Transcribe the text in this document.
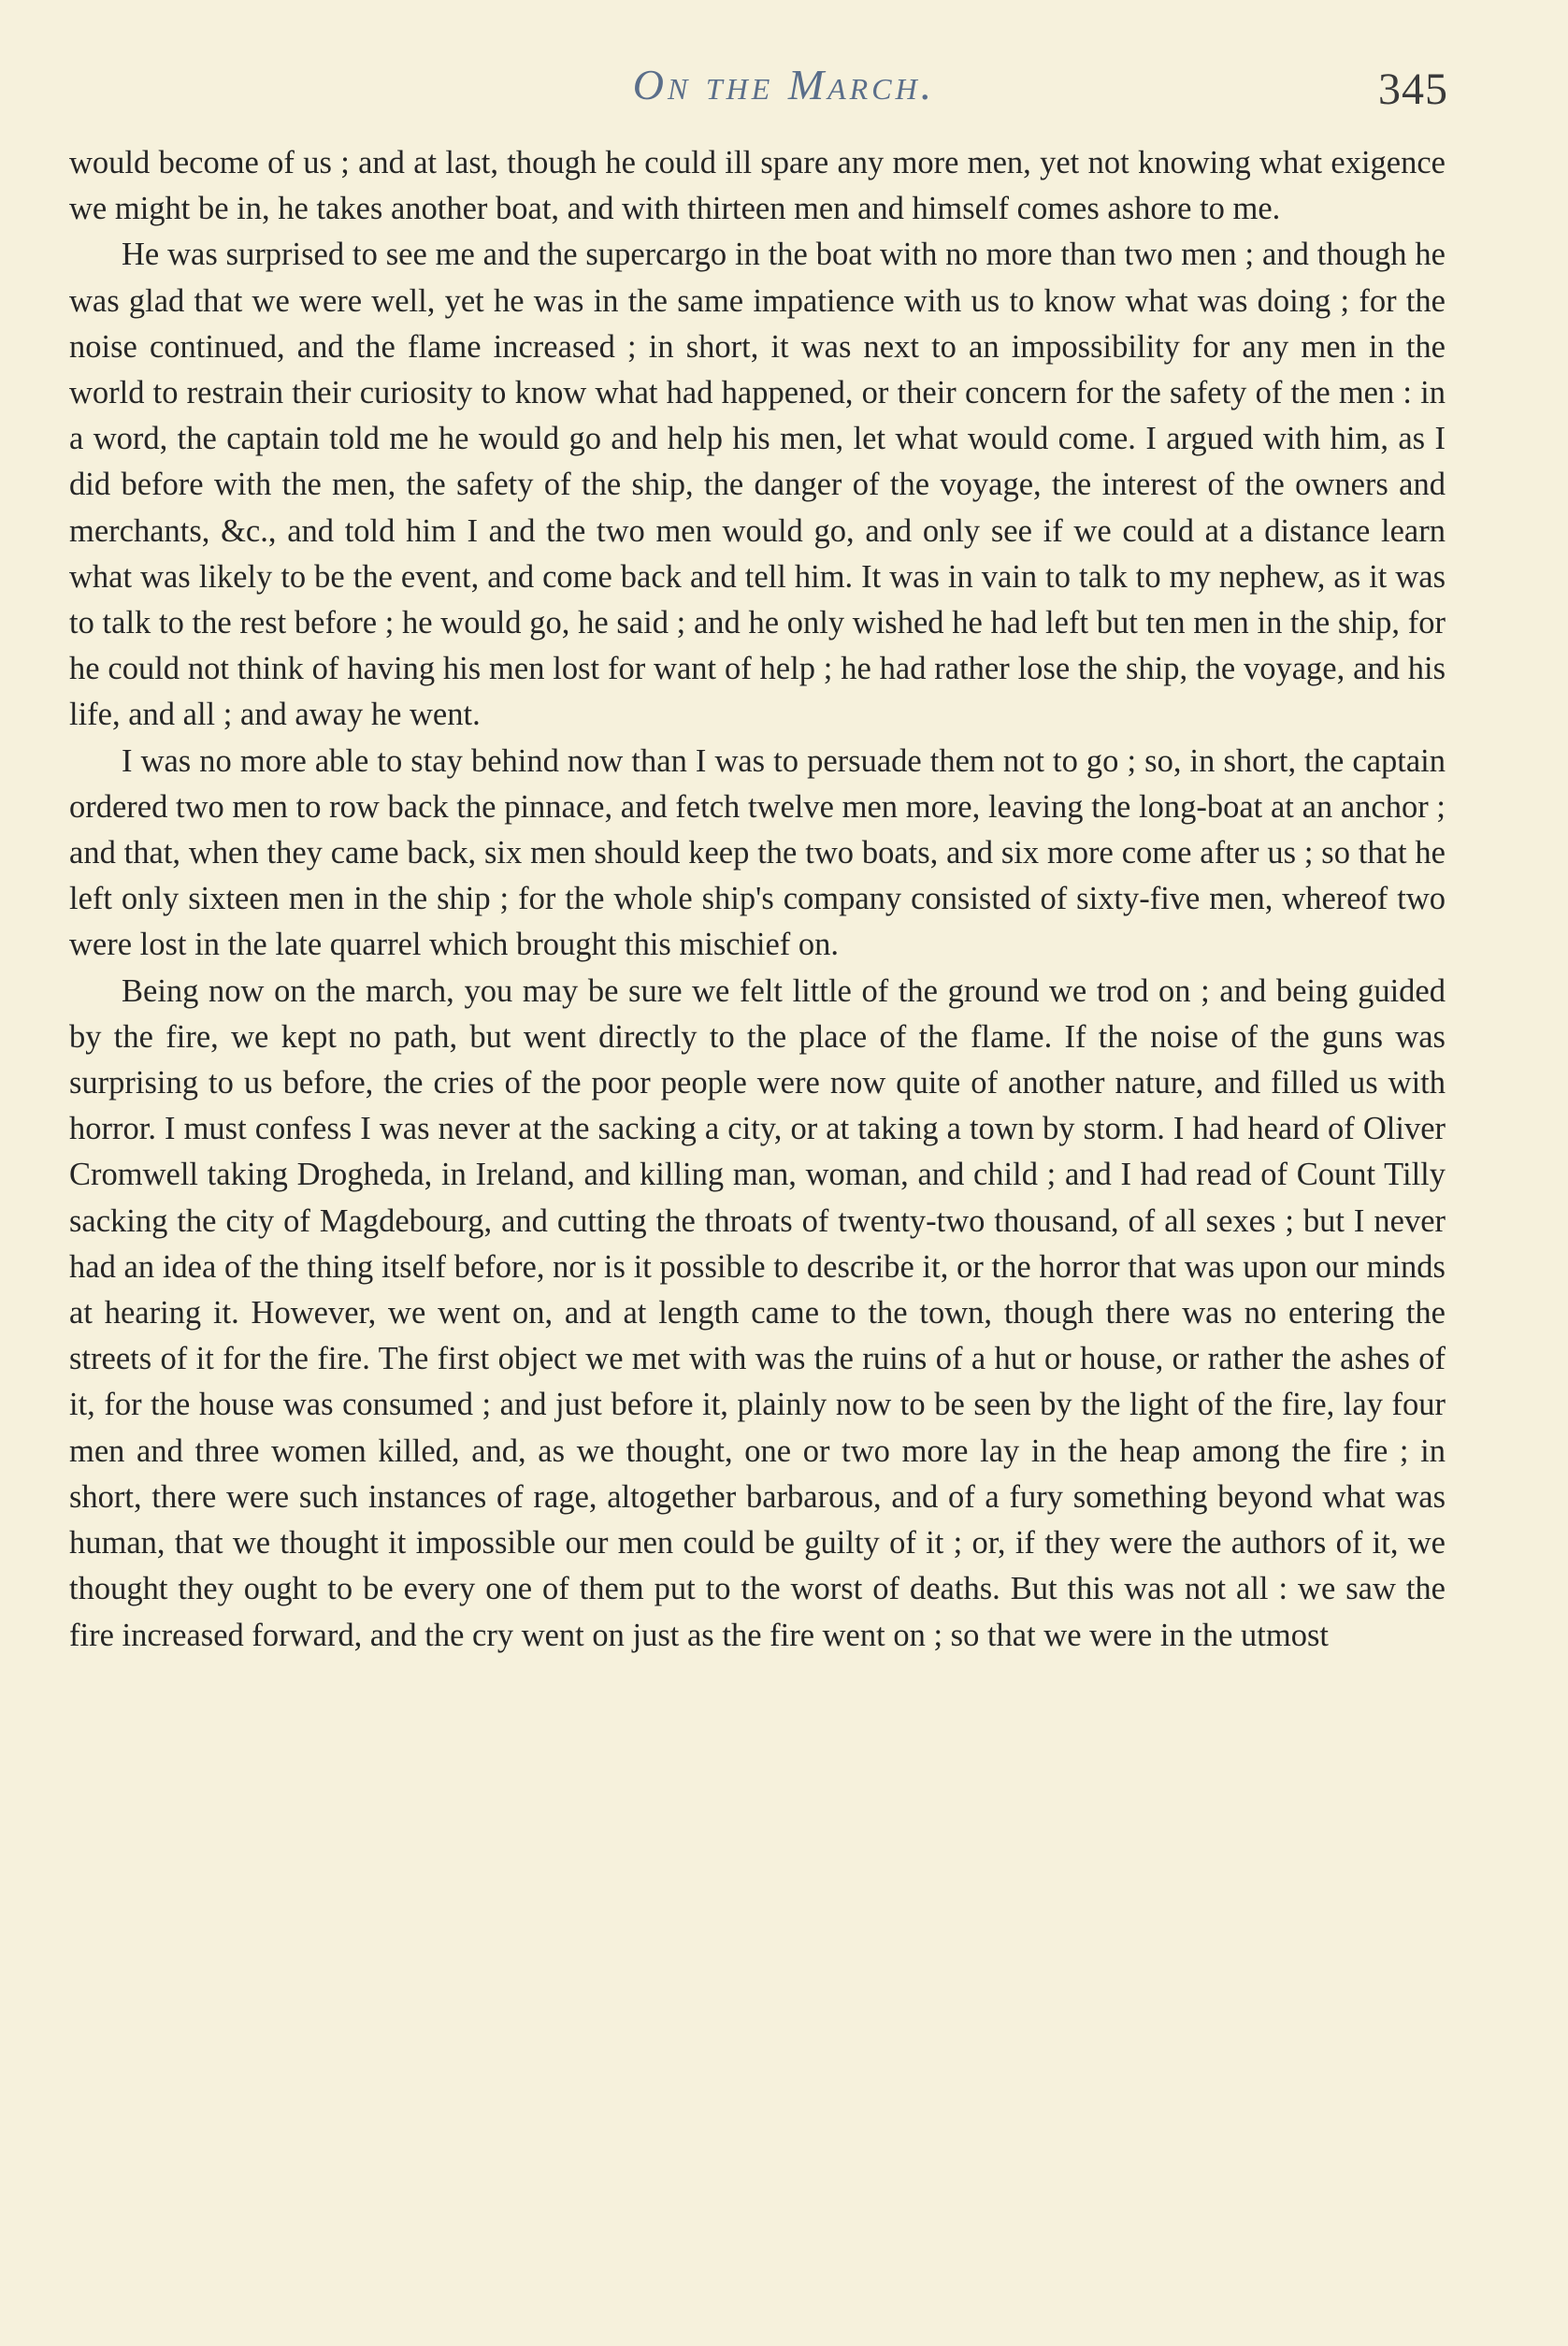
On the March.	345

would become of us ; and at last, though he could ill spare any more men, yet not knowing what exigence we might be in, he takes another boat, and with thirteen men and himself comes ashore to me.

He was surprised to see me and the supercargo in the boat with no more than two men ; and though he was glad that we were well, yet he was in the same impatience with us to know what was doing ; for the noise continued, and the flame increased ; in short, it was next to an impossibility for any men in the world to restrain their curiosity to know what had happened, or their concern for the safety of the men : in a word, the captain told me he would go and help his men, let what would come. I argued with him, as I did before with the men, the safety of the ship, the danger of the voyage, the interest of the owners and merchants, &c., and told him I and the two men would go, and only see if we could at a distance learn what was likely to be the event, and come back and tell him. It was in vain to talk to my nephew, as it was to talk to the rest before ; he would go, he said ; and he only wished he had left but ten men in the ship, for he could not think of having his men lost for want of help ; he had rather lose the ship, the voyage, and his life, and all ; and away he went.

I was no more able to stay behind now than I was to persuade them not to go ; so, in short, the captain ordered two men to row back the pinnace, and fetch twelve men more, leaving the long-boat at an anchor ; and that, when they came back, six men should keep the two boats, and six more come after us ; so that he left only sixteen men in the ship ; for the whole ship's company consisted of sixty-five men, whereof two were lost in the late quarrel which brought this mischief on.

Being now on the march, you may be sure we felt little of the ground we trod on ; and being guided by the fire, we kept no path, but went directly to the place of the flame. If the noise of the guns was surprising to us before, the cries of the poor people were now quite of another nature, and filled us with horror. I must confess I was never at the sacking a city, or at taking a town by storm. I had heard of Oliver Cromwell taking Drogheda, in Ireland, and killing man, woman, and child ; and I had read of Count Tilly sacking the city of Magdebourg, and cutting the throats of twenty-two thousand, of all sexes ; but I never had an idea of the thing itself before, nor is it possible to describe it, or the horror that was upon our minds at hearing it. However, we went on, and at length came to the town, though there was no entering the streets of it for the fire. The first object we met with was the ruins of a hut or house, or rather the ashes of it, for the house was consumed ; and just before it, plainly now to be seen by the light of the fire, lay four men and three women killed, and, as we thought, one or two more lay in the heap among the fire ; in short, there were such instances of rage, altogether barbarous, and of a fury something beyond what was human, that we thought it impossible our men could be guilty of it ; or, if they were the authors of it, we thought they ought to be every one of them put to the worst of deaths. But this was not all : we saw the fire increased forward, and the cry went on just as the fire went on ; so that we were in the utmost
